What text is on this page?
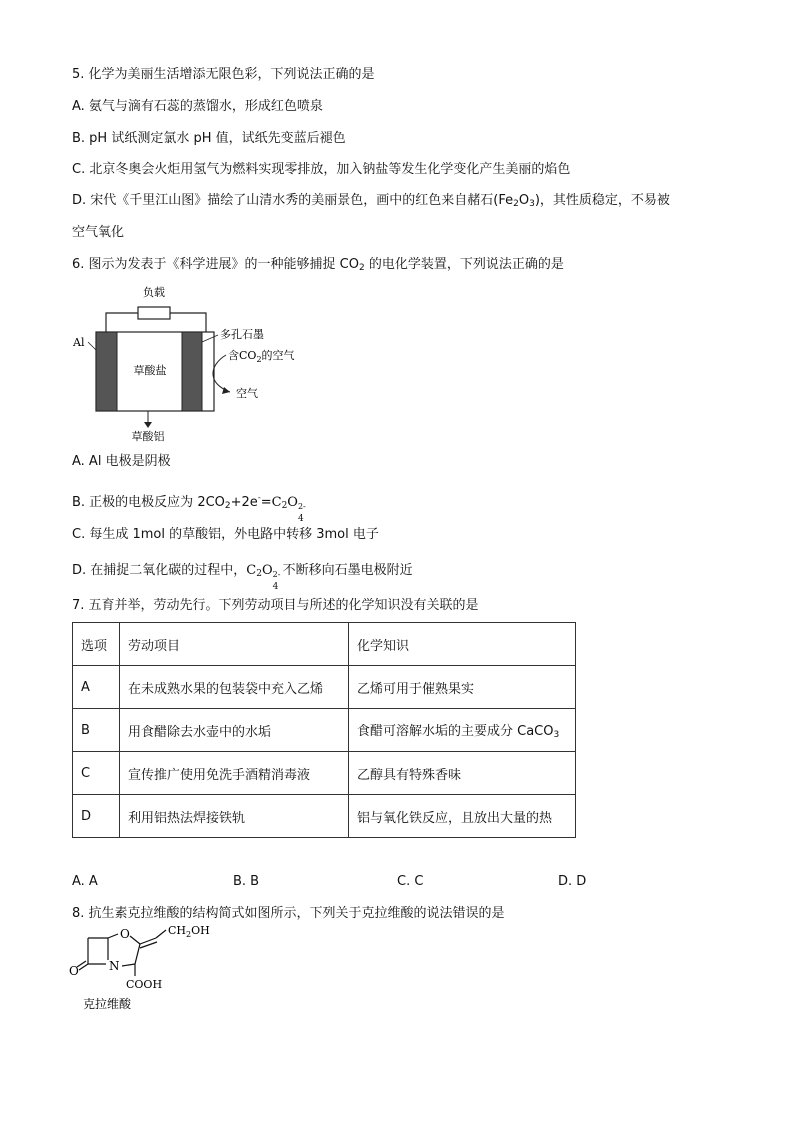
5. 化学为美丽生活增添无限色彩，下列说法正确的是
A. 氨气与滴有石蕊的蒸馏水，形成红色喷泉
B. pH 试纸测定氯水 pH 值，试纸先变蓝后褪色
C. 北京冬奥会火炬用氢气为燃料实现零排放，加入钠盐等发生化学变化产生美丽的焰色
D. 宋代《千里江山图》描绘了山清水秀的美丽景色，画中的红色来自赭石$(Fe_2O_3)$，其性质稳定，不易被
空气氧化
6. 图示为发表于《科学进展》的一种能够捕捉 $CO_2$ 的电化学装置，下列说法正确的是
负载
Al
多孔石墨
草酸盐
含$CO_2$的空气
空气
草酸铝
A. Al 电极是阴极
B. 正极的电极反应为 $2CO_2+2e^-=C_2O$
4
2-
C. 每生成 1mol 的草酸铝，外电路中转移 3mol 电子
D. 在捕捉二氧化碳的过程中，$C_2O$
4
2- 不断移向石墨电极附近
7. 五育并举，劳动先行。下列劳动项目与所述的化学知识没有关联的是
选项	劳动项目	化学知识
A	在未成熟水果的包装袋中充入乙烯	乙烯可用于催熟果实
B	用食醋除去水壶中的水垢	食醋可溶解水垢的主要成分 CaCO$_3$
C	宣传推广使用免洗手酒精消毒液	乙醇具有特殊香味
D	利用铝热法焊接铁轨	铝与氧化铁反应，且放出大量的热
A. A	B. B	C. C	D. D
8. 抗生素克拉维酸的结构简式如图所示，下列关于克拉维酸的说法错误的是
O
O
N
$CH_2OH$
COOH
克拉维酸
